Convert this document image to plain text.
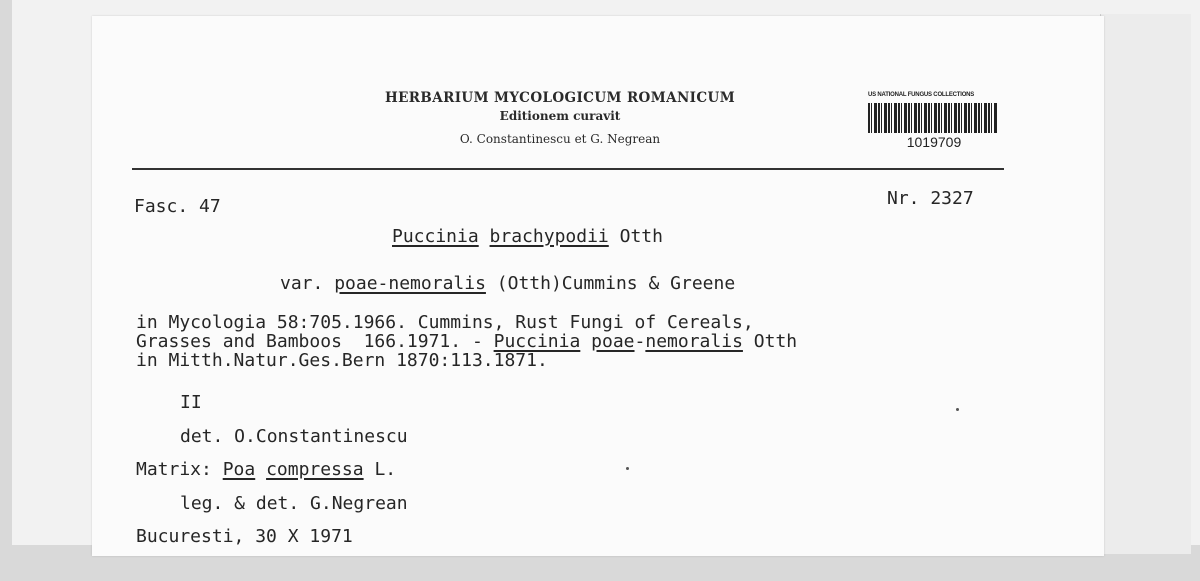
HERBARIUM MYCOLOGICUM ROMANICUM
Editionem curavit
O. Constantinescu et G. Negrean
US NATIONAL FUNGUS COLLECTIONS
1019709
Fasc. 47	Nr. 2327
Puccinia brachypodii Otth
var. poae-nemoralis (Otth)Cummins & Greene
in Mycologia 58:705.1966. Cummins, Rust Fungi of Cereals,
Grasses and Bamboos  166.1971. - Puccinia poae-nemoralis Otth
in Mitth.Natur.Ges.Bern 1870:113.1871.
II
det. O.Constantinescu
Matrix: Poa compressa L.
leg. & det. G.Negrean
Bucuresti, 30 X 1971
